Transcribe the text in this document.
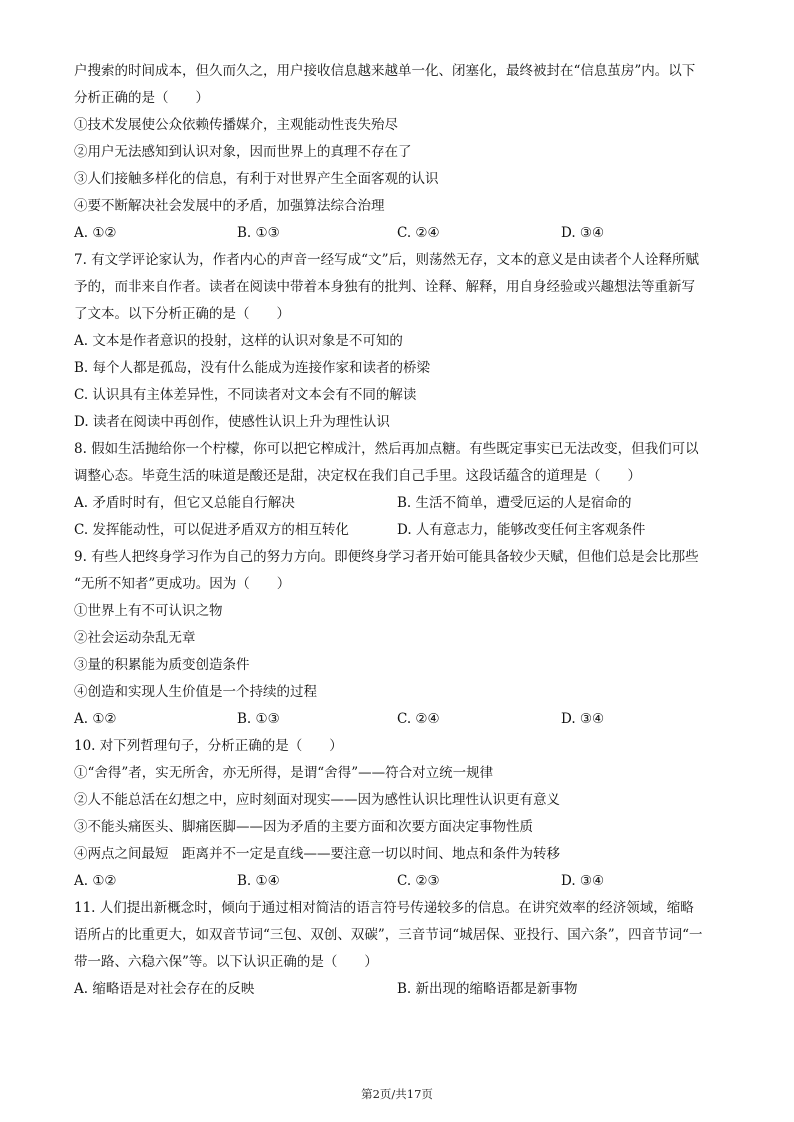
户搜索的时间成本，但久而久之，用户接收信息越来越单一化、闭塞化，最终被封在“信息茧房”内。以下
分析正确的是（　　）
①技术发展使公众依赖传播媒介，主观能动性丧失殆尽
②用户无法感知到认识对象，因而世界上的真理不存在了
③人们接触多样化的信息，有利于对世界产生全面客观的认识
④要不断解决社会发展中的矛盾，加强算法综合治理
A. ①②	B. ①③	C. ②④	D. ③④
7. 有文学评论家认为，作者内心的声音一经写成“文”后，则荡然无存，文本的意义是由读者个人诠释所赋
予的，而非来自作者。读者在阅读中带着本身独有的批判、诠释、解释，用自身经验或兴趣想法等重新写
了文本。以下分析正确的是（　　）
A. 文本是作者意识的投射，这样的认识对象是不可知的
B. 每个人都是孤岛，没有什么能成为连接作家和读者的桥梁
C. 认识具有主体差异性，不同读者对文本会有不同的解读
D. 读者在阅读中再创作，使感性认识上升为理性认识
8. 假如生活抛给你一个柠檬，你可以把它榨成汁，然后再加点糖。有些既定事实已无法改变，但我们可以
调整心态。毕竟生活的味道是酸还是甜，决定权在我们自己手里。这段话蕴含的道理是（　　）
A. 矛盾时时有，但它又总能自行解决	B. 生活不简单，遭受厄运的人是宿命的
C. 发挥能动性，可以促进矛盾双方的相互转化	D. 人有意志力，能够改变任何主客观条件
9. 有些人把终身学习作为自己的努力方向。即便终身学习者开始可能具备较少天赋，但他们总是会比那些
“无所不知者”更成功。因为（　　）
①世界上有不可认识之物
②社会运动杂乱无章
③量的积累能为质变创造条件
④创造和实现人生价值是一个持续的过程
A. ①②	B. ①③	C. ②④	D. ③④
10. 对下列哲理句子，分析正确的是（　　）
①“舍得”者，实无所舍，亦无所得，是谓“舍得”——符合对立统一规律
②人不能总活在幻想之中，应时刻面对现实——因为感性认识比理性认识更有意义
③不能头痛医头、脚痛医脚——因为矛盾的主要方面和次要方面决定事物性质
④两点之间最短　距离并不一定是直线——要注意一切以时间、地点和条件为转移
A. ①②	B. ①④	C. ②③	D. ③④
11. 人们提出新概念时，倾向于通过相对简洁的语言符号传递较多的信息。在讲究效率的经济领域，缩略
语所占的比重更大，如双音节词“三包、双创、双碳”，三音节词“城居保、亚投行、国六条”，四音节词“一
带一路、六稳六保”等。以下认识正确的是（　　）
A. 缩略语是对社会存在的反映	B. 新出现的缩略语都是新事物
第2页/共17页
